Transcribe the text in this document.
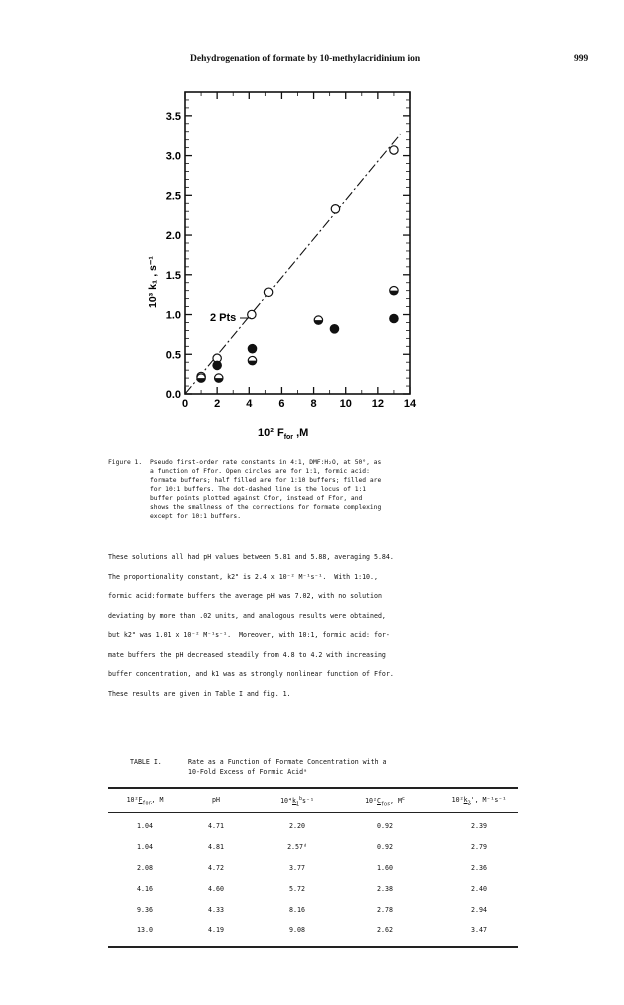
Dehydrogenation of formate by 10-methylacridinium ion	999
0.0
0.5
1.0
1.5
2.0
2.5
3.0
3.5
0 2 4 6 8 10 12 14
2 Pts
10³ k₁ , s⁻¹
10² $F_{for}$ ,M
Figure 1. Pseudo first-order rate constants in 4:1, DMF:H₂O, at 50°, as
a function of Ffor. Open circles are for 1:1, formic acid:
formate buffers; half filled are for 1:10 buffers; filled are
for 10:1 buffers. The dot-dashed line is the locus of 1:1
buffer points plotted against Cfor, instead of Ffor, and
shows the smallness of the corrections for formate complexing
except for 10:1 buffers.
These solutions all had pH values between 5.81 and 5.88, averaging 5.84.
The proportionality constant, k2" is 2.4 x 10⁻² M⁻¹s⁻¹.  With 1:10.,
formic acid:formate buffers the average pH was 7.02, with no solution
deviating by more than .02 units, and analogous results were obtained,
but k2" was 1.01 x 10⁻² M⁻¹s⁻¹.  Moreover, with 10:1, formic acid: for-
mate buffers the pH decreased steadily from 4.8 to 4.2 with increasing
buffer concentration, and k1 was as strongly nonlinear function of Ffor.
These results are given in Table I and fig. 1.
TABLE I.	Rate as a Function of Formate Concentration with a
10-Fold Excess of Formic Acidᵃ
$10^2F_{for}$, M	pH	$10^4k_1^bs^{-1}$	$10^2C_{for}$, $M^c$	$10^2k_2'$, M⁻¹s⁻¹
1.04	4.71	2.20	0.92	2.39
1.04	4.81	2.57ᵈ	0.92	2.79
2.08	4.72	3.77	1.60	2.36
4.16	4.60	5.72	2.38	2.40
9.36	4.33	8.16	2.78	2.94
13.0	4.19	9.08	2.62	3.47
